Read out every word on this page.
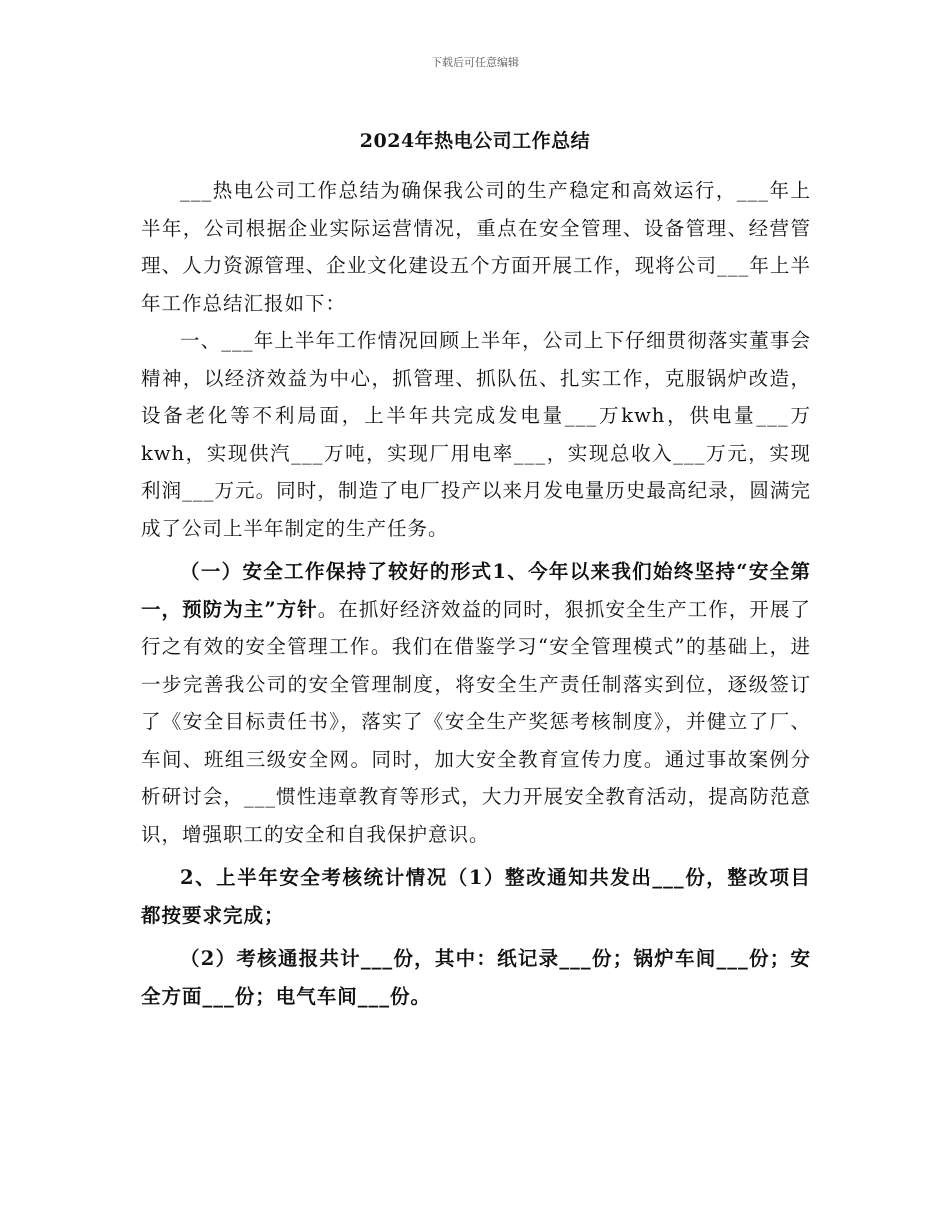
下载后可任意编辑
2024年热电公司工作总结

___热电公司工作总结为确保我公司的生产稳定和高效运行，___年上半年，公司根据企业实际运营情况，重点在安全管理、设备管理、经营管理、人力资源管理、企业文化建设五个方面开展工作，现将公司___年上半年工作总结汇报如下：

一、___年上半年工作情况回顾上半年，公司上下仔细贯彻落实董事会精神，以经济效益为中心，抓管理、抓队伍、扎实工作，克服锅炉改造，设备老化等不利局面，上半年共完成发电量___万kwh，供电量___万kwh，实现供汽___万吨，实现厂用电率___，实现总收入___万元，实现利润___万元。同时，制造了电厂投产以来月发电量历史最高纪录，圆满完成了公司上半年制定的生产任务。

（一）安全工作保持了较好的形式1、今年以来我们始终坚持“安全第一，预防为主”方针。在抓好经济效益的同时，狠抓安全生产工作，开展了行之有效的安全管理工作。我们在借鉴学习“安全管理模式”的基础上，进一步完善我公司的安全管理制度，将安全生产责任制落实到位，逐级签订了《安全目标责任书》，落实了《安全生产奖惩考核制度》，并健立了厂、车间、班组三级安全网。同时，加大安全教育宣传力度。通过事故案例分析研讨会，___惯性违章教育等形式，大力开展安全教育活动，提高防范意识，增强职工的安全和自我保护意识。

2、上半年安全考核统计情况（1）整改通知共发出___份，整改项目都按要求完成；

（2）考核通报共计___份，其中：纸记录___份；锅炉车间___份；安全方面___份；电气车间___份。
